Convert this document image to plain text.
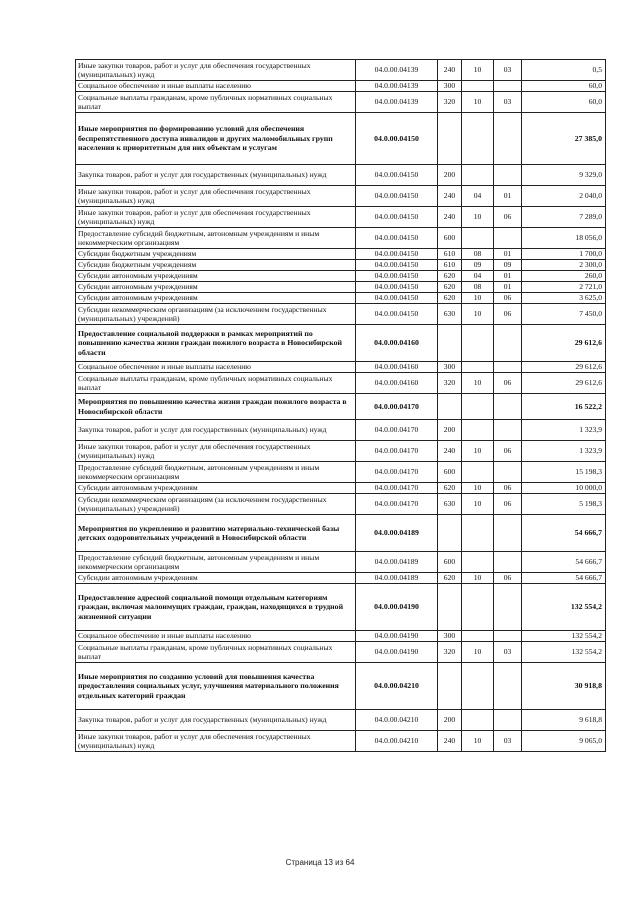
Иные закупки товаров, работ и услуг для обеспечения государственных (муниципальных) нужд	04.0.00.04139	240	10	03	0,5
Социальное обеспечение и иные выплаты населению	04.0.00.04139	300			60,0
Социальные выплаты гражданам, кроме публичных нормативных социальных выплат	04.0.00.04139	320	10	03	60,0
Иные мероприятия по формированию условий для обеспечения беспрепятственного доступа инвалидов и других маломобильных групп населения к приоритетным для них объектам и услугам	04.0.00.04150				27 385,0
Закупка товаров, работ и услуг для государственных (муниципальных) нужд	04.0.00.04150	200			9 329,0
Иные закупки товаров, работ и услуг для обеспечения государственных (муниципальных) нужд	04.0.00.04150	240	04	01	2 040,0
Иные закупки товаров, работ и услуг для обеспечения государственных (муниципальных) нужд	04.0.00.04150	240	10	06	7 289,0
Предоставление субсидий бюджетным, автономным учреждениям и иным некоммерческим организациям	04.0.00.04150	600			18 056,0
Субсидии бюджетным учреждениям	04.0.00.04150	610	08	01	1 700,0
Субсидии бюджетным учреждениям	04.0.00.04150	610	09	09	2 300,0
Субсидии автономным учреждениям	04.0.00.04150	620	04	01	260,0
Субсидии автономным учреждениям	04.0.00.04150	620	08	01	2 721,0
Субсидии автономным учреждениям	04.0.00.04150	620	10	06	3 625,0
Субсидии некоммерческим организациям (за исключением государственных (муниципальных) учреждений)	04.0.00.04150	630	10	06	7 450,0
Предоставление социальной поддержки в рамках мероприятий по повышению качества жизни граждан пожилого возраста в Новосибирской области	04.0.00.04160				29 612,6
Социальное обеспечение и иные выплаты населению	04.0.00.04160	300			29 612,6
Социальные выплаты гражданам, кроме публичных нормативных социальных выплат	04.0.00.04160	320	10	06	29 612,6
Мероприятия по повышению качества жизни граждан пожилого возраста в Новосибирской области	04.0.00.04170				16 522,2
Закупка товаров, работ и услуг для государственных (муниципальных) нужд	04.0.00.04170	200			1 323,9
Иные закупки товаров, работ и услуг для обеспечения государственных (муниципальных) нужд	04.0.00.04170	240	10	06	1 323,9
Предоставление субсидий бюджетным, автономным учреждениям и иным некоммерческим организациям	04.0.00.04170	600			15 198,3
Субсидии автономным учреждениям	04.0.00.04170	620	10	06	10 000,0
Субсидии некоммерческим организациям (за исключением государственных (муниципальных) учреждений)	04.0.00.04170	630	10	06	5 198,3
Мероприятия по укреплению и развитию материально-технической базы детских оздоровительных учреждений в Новосибирской области	04.0.00.04189				54 666,7
Предоставление субсидий бюджетным, автономным учреждениям и иным некоммерческим организациям	04.0.00.04189	600			54 666,7
Субсидии автономным учреждениям	04.0.00.04189	620	10	06	54 666,7
Предоставление адресной социальной помощи отдельным категориям граждан, включая малоимущих граждан, граждан, находящихся в трудной жизненной ситуации	04.0.00.04190				132 554,2
Социальное обеспечение и иные выплаты населению	04.0.00.04190	300			132 554,2
Социальные выплаты гражданам, кроме публичных нормативных социальных выплат	04.0.00.04190	320	10	03	132 554,2
Иные мероприятия по созданию условий для повышения качества предоставления социальных услуг, улучшения материального положения отдельных категорий граждан	04.0.00.04210				30 918,8
Закупка товаров, работ и услуг для государственных (муниципальных) нужд	04.0.00.04210	200			9 618,8
Иные закупки товаров, работ и услуг для обеспечения государственных (муниципальных) нужд	04.0.00.04210	240	10	03	9 065,0
Страница 13 из 64
